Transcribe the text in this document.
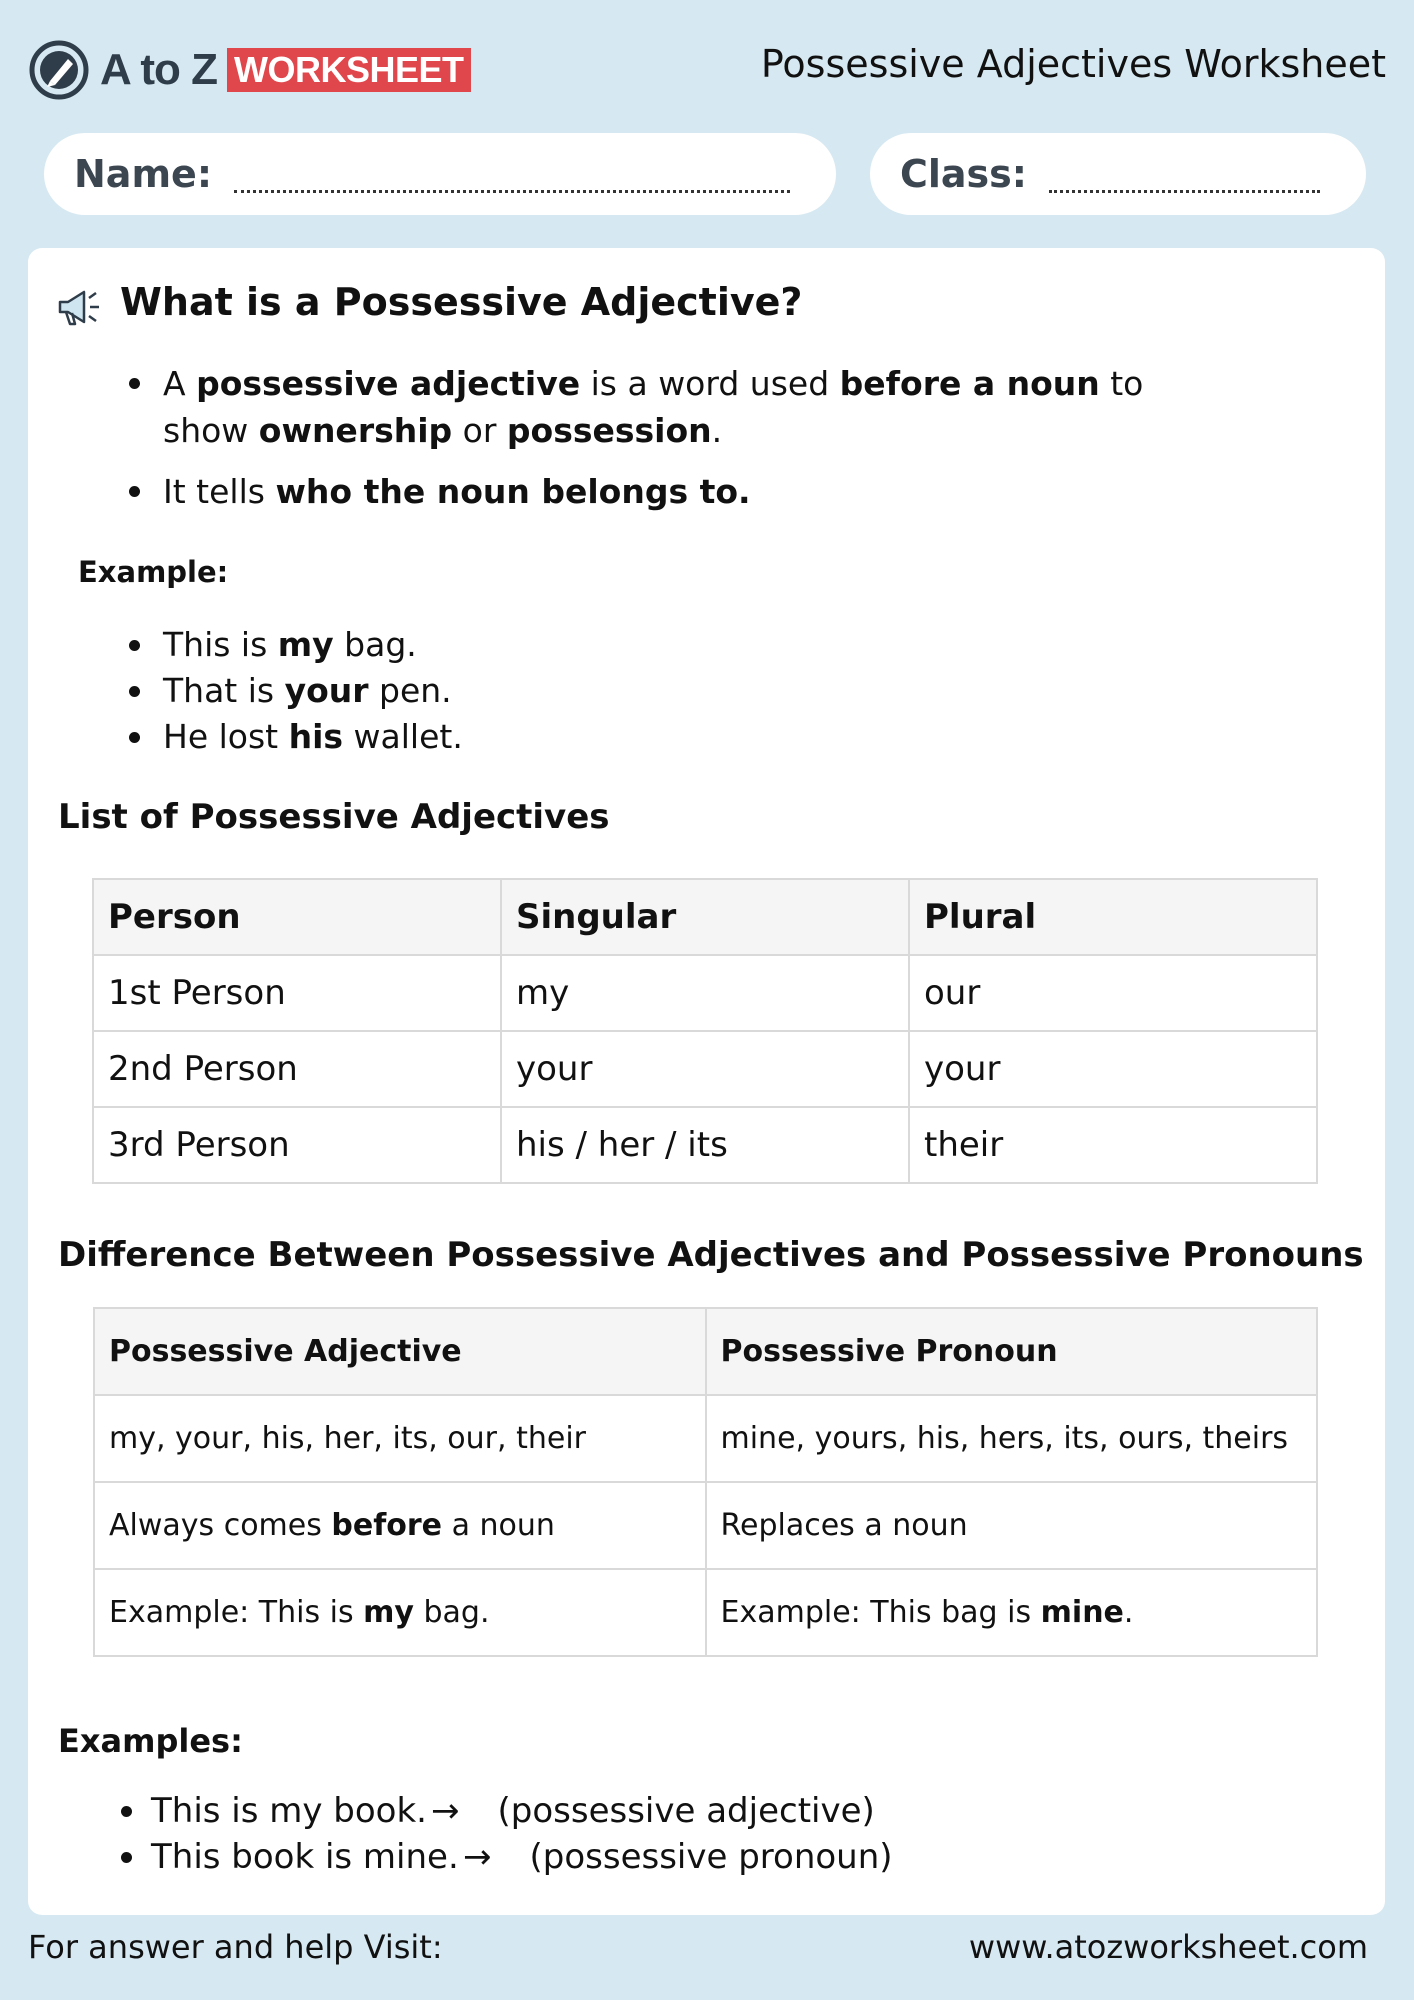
A to Z WORKSHEET	Possessive Adjectives Worksheet
Name:	Class:
What is a Possessive Adjective?
A possessive adjective is a word used before a noun to show ownership or possession.
It tells who the noun belongs to.
Example:
This is my bag.
That is your pen.
He lost his wallet.
List of Possessive Adjectives
Person	Singular	Plural
1st Person	my	our
2nd Person	your	your
3rd Person	his / her / its	their
Difference Between Possessive Adjectives and Possessive Pronouns
Possessive Adjective	Possessive Pronoun
my, your, his, her, its, our, their	mine, yours, his, hers, its, ours, theirs
Always comes before a noun	Replaces a noun
Example: This is my bag.	Example: This bag is mine.
Examples:
This is my book. → (possessive adjective)
This book is mine. → (possessive pronoun)
For answer and help Visit:	www.atozworksheet.com
